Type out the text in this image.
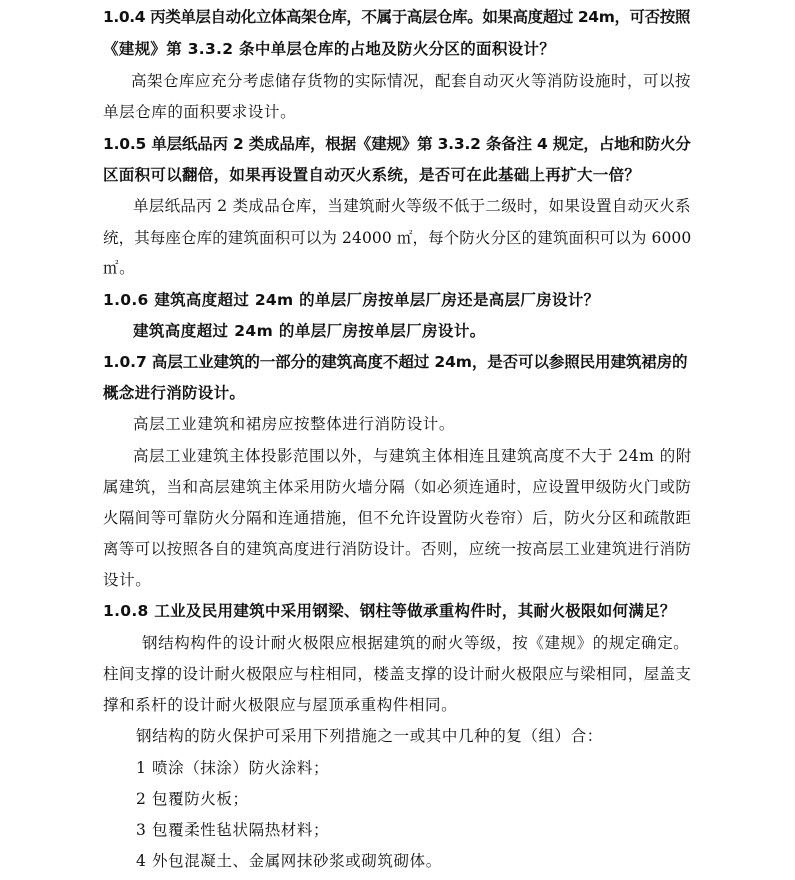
1.0.4 丙类单层自动化立体高架仓库，不属于高层仓库。如果高度超过 24m，可否按照
《建规》第 3.3.2 条中单层仓库的占地及防火分区的面积设计？
高架仓库应充分考虑储存货物的实际情况，配套自动灭火等消防设施时，可以按
单层仓库的面积要求设计。
1.0.5 单层纸品丙 2 类成品库，根据《建规》第 3.3.2 条备注 4 规定，占地和防火分
区面积可以翻倍，如果再设置自动灭火系统，是否可在此基础上再扩大一倍？
单层纸品丙 2 类成品仓库，当建筑耐火等级不低于二级时，如果设置自动灭火系
统，其每座仓库的建筑面积可以为 24000 ㎡，每个防火分区的建筑面积可以为 6000
㎡。
1.0.6 建筑高度超过 24m 的单层厂房按单层厂房还是高层厂房设计？
建筑高度超过 24m 的单层厂房按单层厂房设计。
1.0.7 高层工业建筑的一部分的建筑高度不超过 24m，是否可以参照民用建筑裙房的
概念进行消防设计。
高层工业建筑和裙房应按整体进行消防设计。
高层工业建筑主体投影范围以外，与建筑主体相连且建筑高度不大于 24m 的附
属建筑，当和高层建筑主体采用防火墙分隔（如必须连通时，应设置甲级防火门或防
火隔间等可靠防火分隔和连通措施，但不允许设置防火卷帘）后，防火分区和疏散距
离等可以按照各自的建筑高度进行消防设计。否则，应统一按高层工业建筑进行消防
设计。
1.0.8 工业及民用建筑中采用钢梁、钢柱等做承重构件时，其耐火极限如何满足？
钢结构构件的设计耐火极限应根据建筑的耐火等级，按《建规》的规定确定。
柱间支撑的设计耐火极限应与柱相同，楼盖支撑的设计耐火极限应与梁相同，屋盖支
撑和系杆的设计耐火极限应与屋顶承重构件相同。
钢结构的防火保护可采用下列措施之一或其中几种的复（组）合：
1 喷涂（抹涂）防火涂料；
2 包覆防火板；
3 包覆柔性毡状隔热材料；
4 外包混凝土、金属网抹砂浆或砌筑砌体。
